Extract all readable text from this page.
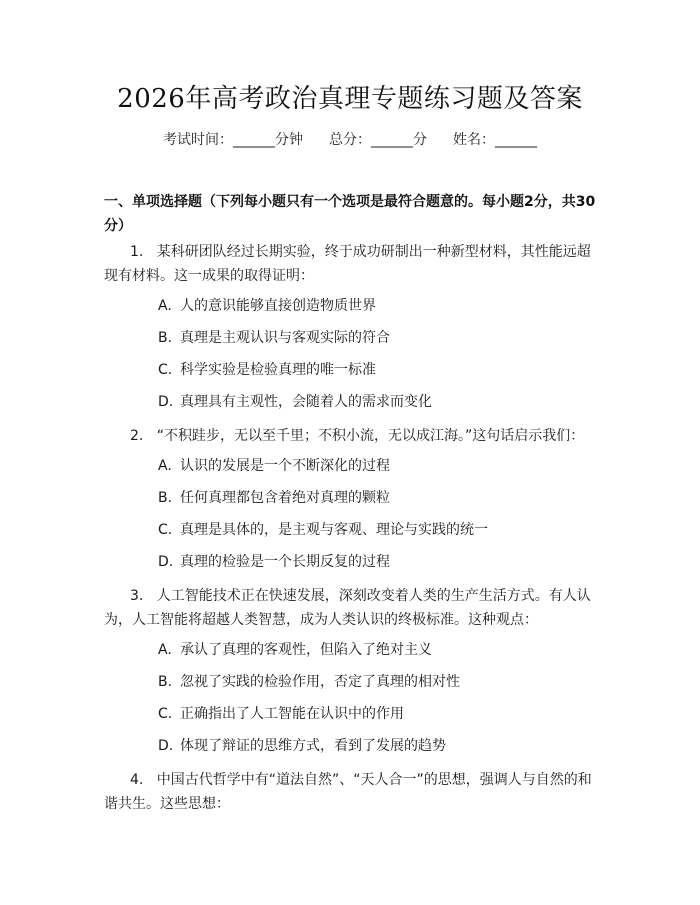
2026年高考政治真理专题练习题及答案
考试时间：______分钟 总分：______分 姓名：______
一、单项选择题（下列每小题只有一个选项是最符合题意的。每小题2分，共30分）

1. 某科研团队经过长期实验，终于成功研制出一种新型材料，其性能远超现有材料。这一成果的取得证明：

A. 人的意识能够直接创造物质世界
B. 真理是主观认识与客观实际的符合
C. 科学实验是检验真理的唯一标准
D. 真理具有主观性，会随着人的需求而变化

2. “不积跬步，无以至千里；不积小流，无以成江海。”这句话启示我们：

A. 认识的发展是一个不断深化的过程
B. 任何真理都包含着绝对真理的颗粒
C. 真理是具体的，是主观与客观、理论与实践的统一
D. 真理的检验是一个长期反复的过程

3. 人工智能技术正在快速发展，深刻改变着人类的生产生活方式。有人认为，人工智能将超越人类智慧，成为人类认识的终极标准。这种观点：

A. 承认了真理的客观性，但陷入了绝对主义
B. 忽视了实践的检验作用，否定了真理的相对性
C. 正确指出了人工智能在认识中的作用
D. 体现了辩证的思维方式，看到了发展的趋势

4. 中国古代哲学中有“道法自然”、“天人合一”的思想，强调人与自然的和谐共生。这些思想：
